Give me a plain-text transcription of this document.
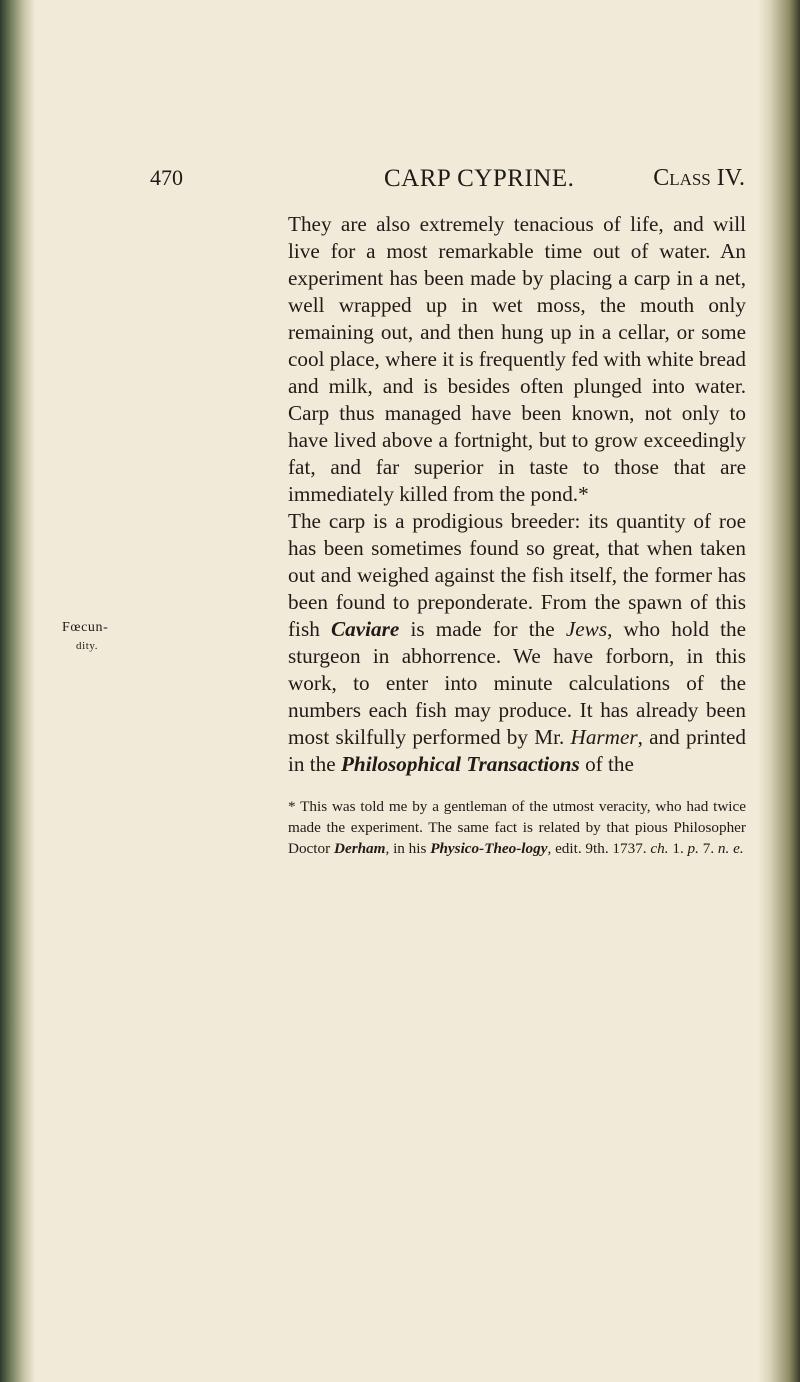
470	CARP CYPRINE.	Class IV.

They are also extremely tenacious of life, and will live for a most remarkable time out of water. An experiment has been made by placing a carp in a net, well wrapped up in wet moss, the mouth only remaining out, and then hung up in a cellar, or some cool place, where it is frequently fed with white bread and milk, and is besides often plunged into water. Carp thus managed have been known, not only to have lived above a fortnight, but to grow exceedingly fat, and far superior in taste to those that are immediately killed from the pond.*

The carp is a prodigious breeder: its quantity of roe has been sometimes found so great, that when taken out and weighed against the fish itself, the former has been found to preponderate. From the spawn of this fish Caviare is made for the Jews, who hold the sturgeon in abhorrence. We have forborn, in this work, to enter into minute calculations of the numbers each fish may produce. It has already been most skilfully performed by Mr. Harmer, and printed in the Philosophical Transactions of the

* This was told me by a gentleman of the utmost veracity, who had twice made the experiment. The same fact is related by that pious Philosopher Doctor Derham, in his Physico-Theo-logy, edit. 9th. 1737. ch. 1. p. 7. n. e.
Fœcun-
dity.
